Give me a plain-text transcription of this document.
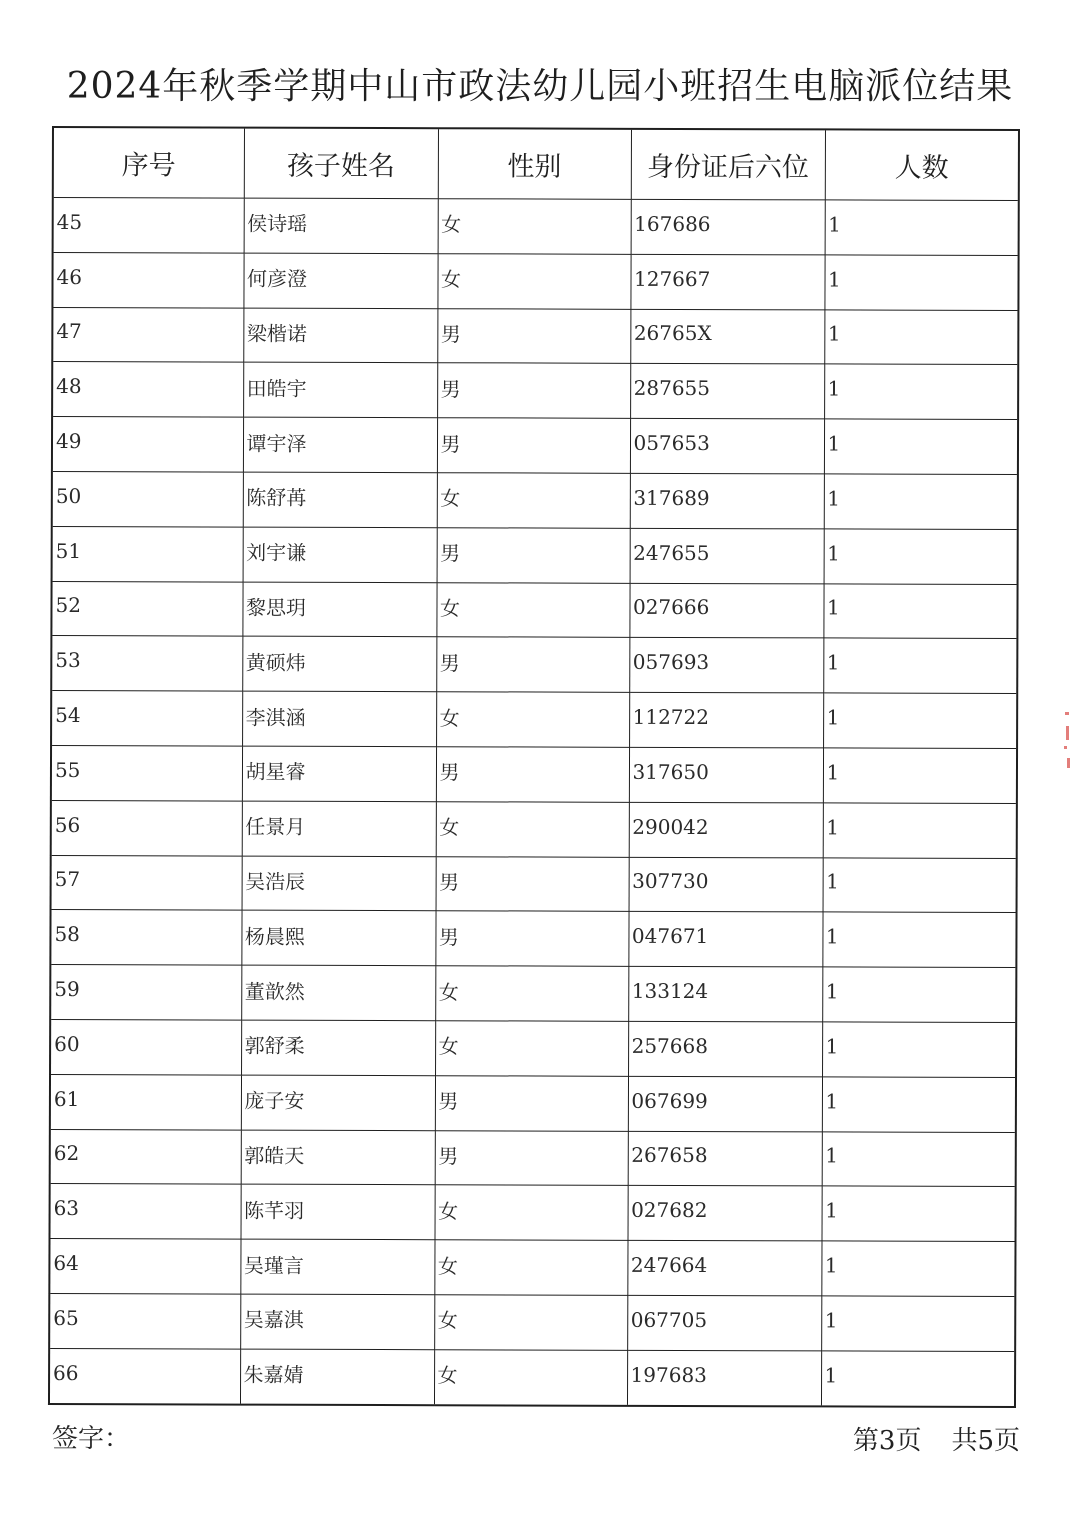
2024年秋季学期中山市政法幼儿园小班招生电脑派位结果
序号	孩子姓名	性别	身份证后六位	人数
45	侯诗瑶	女	167686	1
46	何彦澄	女	127667	1
47	梁楷诺	男	26765X	1
48	田皓宇	男	287655	1
49	谭宇泽	男	057653	1
50	陈舒苒	女	317689	1
51	刘宇谦	男	247655	1
52	黎思玥	女	027666	1
53	黄硕炜	男	057693	1
54	李淇涵	女	112722	1
55	胡星睿	男	317650	1
56	任景月	女	290042	1
57	吴浩辰	男	307730	1
58	杨晨熙	男	047671	1
59	董歆然	女	133124	1
60	郭舒柔	女	257668	1
61	庞子安	男	067699	1
62	郭皓天	男	267658	1
63	陈芊羽	女	027682	1
64	吴瑾言	女	247664	1
65	吴嘉淇	女	067705	1
66	朱嘉婧	女	197683	1
签字：	第3页 共5页
